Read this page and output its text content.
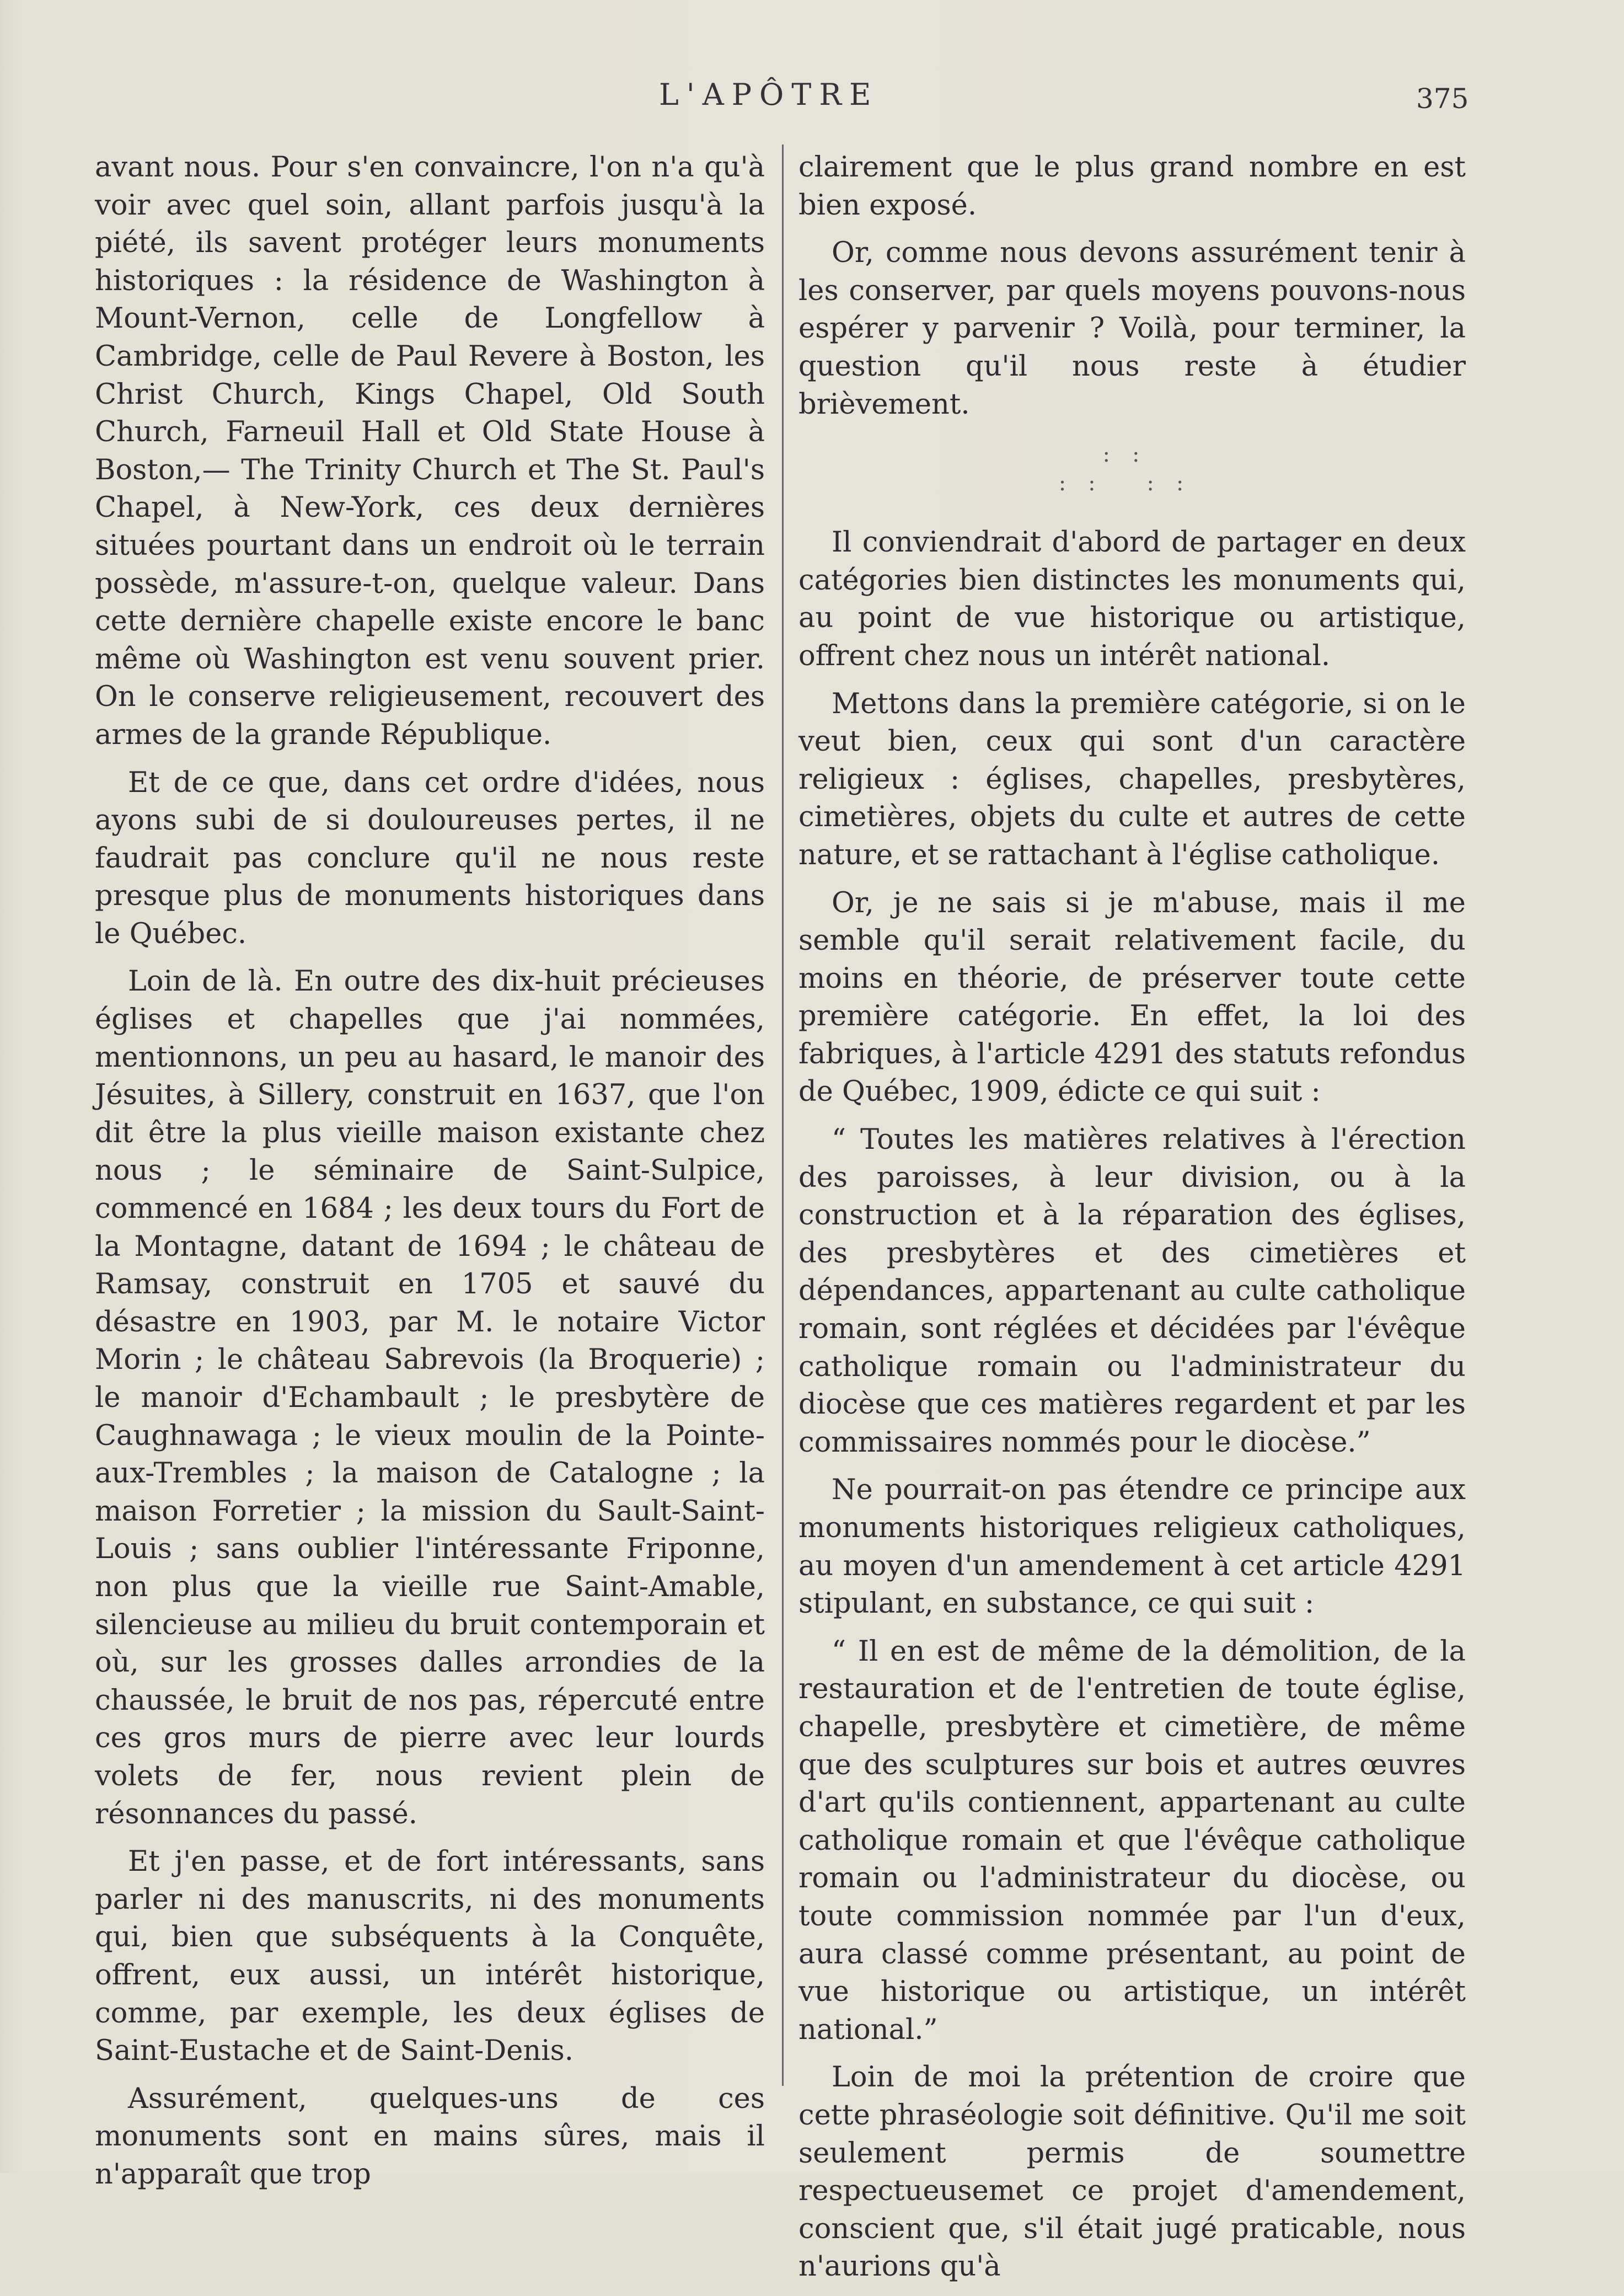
L'APÔTRE	375

avant nous. Pour s'en convaincre, l'on n'a qu'à voir avec quel soin, allant parfois jusqu'à la piété, ils savent protéger leurs monuments historiques : la résidence de Washington à Mount-Vernon, celle de Longfellow à Cambridge, celle de Paul Revere à Boston, les Christ Church, Kings Chapel, Old South Church, Farneuil Hall et Old State House à Boston,— The Trinity Church et The St. Paul's Chapel, à New-York, ces deux dernières situées pourtant dans un endroit où le terrain possède, m'assure-t-on, quelque valeur. Dans cette dernière chapelle existe encore le banc même où Washington est venu souvent prier. On le conserve religieusement, recouvert des armes de la grande République.

Et de ce que, dans cet ordre d'idées, nous ayons subi de si douloureuses pertes, il ne faudrait pas conclure qu'il ne nous reste presque plus de monuments historiques dans le Québec.

Loin de là. En outre des dix-huit précieuses églises et chapelles que j'ai nommées, mentionnons, un peu au hasard, le manoir des Jésuites, à Sillery, construit en 1637, que l'on dit être la plus vieille maison existante chez nous ; le séminaire de Saint-Sulpice, commencé en 1684 ; les deux tours du Fort de la Montagne, datant de 1694 ; le château de Ramsay, construit en 1705 et sauvé du désastre en 1903, par M. le notaire Victor Morin ; le château Sabrevois (la Broquerie) ; le manoir d'Echambault ; le presbytère de Caughnawaga ; le vieux moulin de la Pointe-aux-Trembles ; la maison de Catalogne ; la maison Forretier ; la mission du Sault-Saint-Louis ; sans oublier l'intéressante Friponne, non plus que la vieille rue Saint-Amable, silencieuse au milieu du bruit contemporain et où, sur les grosses dalles arrondies de la chaussée, le bruit de nos pas, répercuté entre ces gros murs de pierre avec leur lourds volets de fer, nous revient plein de résonnances du passé.

Et j'en passe, et de fort intéressants, sans parler ni des manuscrits, ni des monuments qui, bien que subséquents à la Conquête, offrent, eux aussi, un intérêt historique, comme, par exemple, les deux églises de Saint-Eustache et de Saint-Denis.

Assurément, quelques-uns de ces monuments sont en mains sûres, mais il n'apparaît que trop

clairement que le plus grand nombre en est bien exposé.

Or, comme nous devons assurément tenir à les conserver, par quels moyens pouvons-nous espérer y parvenir ? Voilà, pour terminer, la question qu'il nous reste à étudier brièvement.

::
:: ::

Il conviendrait d'abord de partager en deux catégories bien distinctes les monuments qui, au point de vue historique ou artistique, offrent chez nous un intérêt national.

Mettons dans la première catégorie, si on le veut bien, ceux qui sont d'un caractère religieux : églises, chapelles, presbytères, cimetières, objets du culte et autres de cette nature, et se rattachant à l'église catholique.

Or, je ne sais si je m'abuse, mais il me semble qu'il serait relativement facile, du moins en théorie, de préserver toute cette première catégorie. En effet, la loi des fabriques, à l'article 4291 des statuts refondus de Québec, 1909, édicte ce qui suit :

“ Toutes les matières relatives à l'érection des paroisses, à leur division, ou à la construction et à la réparation des églises, des presbytères et des cimetières et dépendances, appartenant au culte catholique romain, sont réglées et décidées par l'évêque catholique romain ou l'administrateur du diocèse que ces matières regardent et par les commissaires nommés pour le diocèse.”

Ne pourrait-on pas étendre ce principe aux monuments historiques religieux catholiques, au moyen d'un amendement à cet article 4291 stipulant, en substance, ce qui suit :

“ Il en est de même de la démolition, de la restauration et de l'entretien de toute église, chapelle, presbytère et cimetière, de même que des sculptures sur bois et autres œuvres d'art qu'ils contiennent, appartenant au culte catholique romain et que l'évêque catholique romain ou l'administrateur du diocèse, ou toute commission nommée par l'un d'eux, aura classé comme présentant, au point de vue historique ou artistique, un intérêt national.”

Loin de moi la prétention de croire que cette phraséologie soit définitive. Qu'il me soit seulement permis de soumettre respectueusemet ce projet d'amendement, conscient que, s'il était jugé praticable, nous n'aurions qu'à
